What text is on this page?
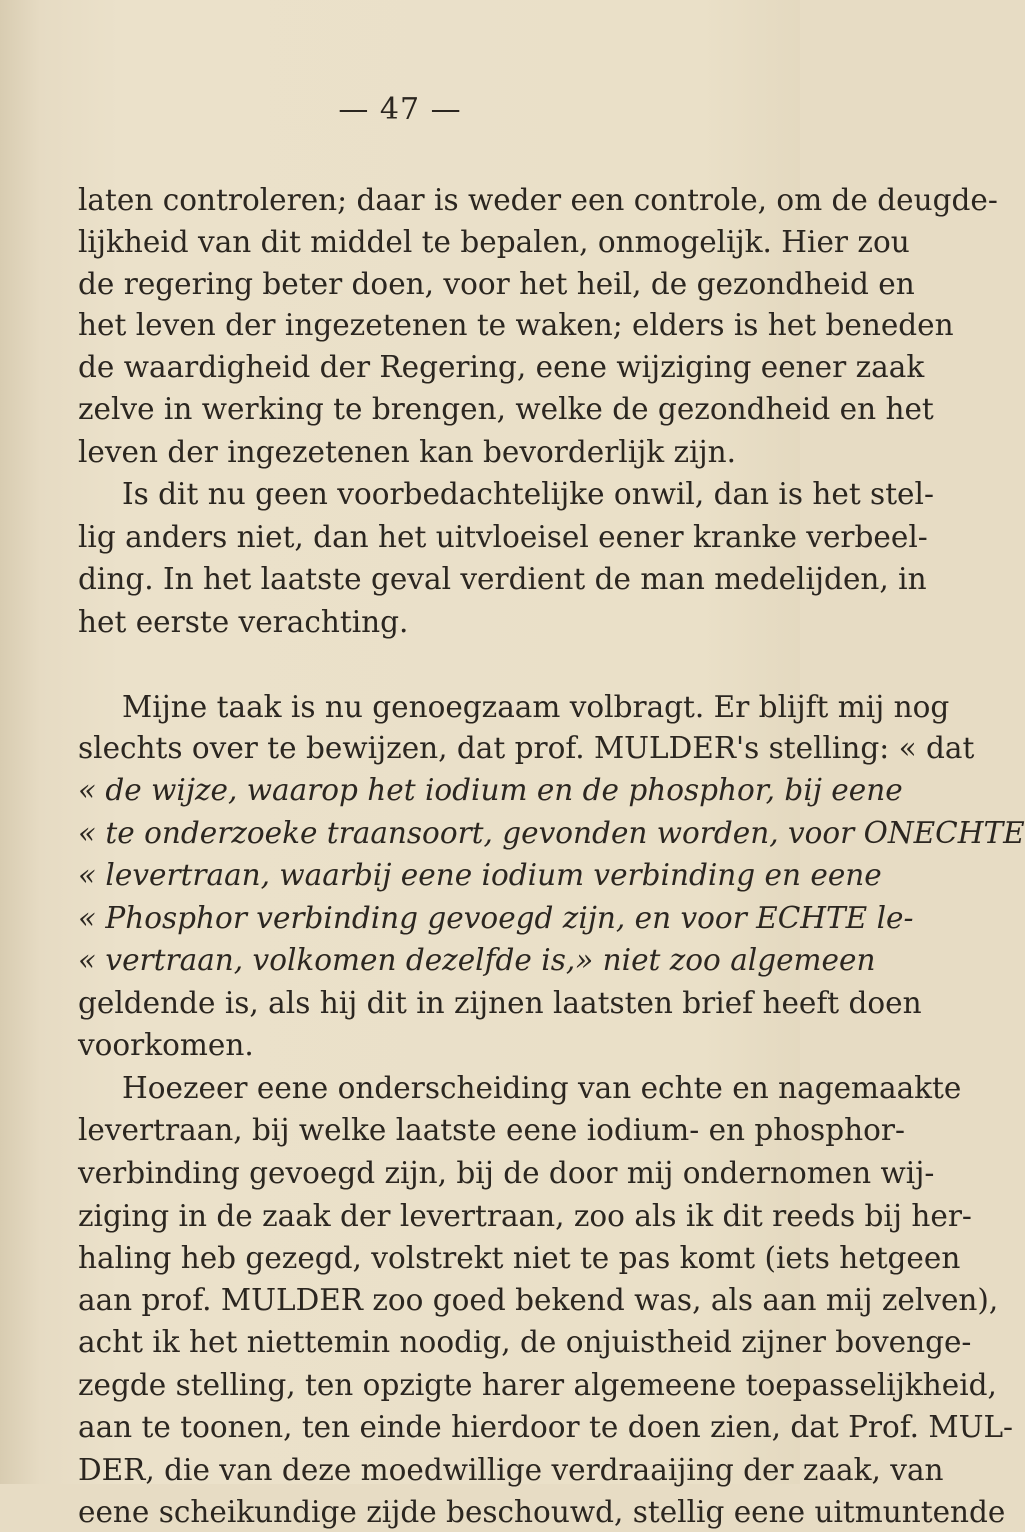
— 47 —
laten controleren; daar is weder een controle, om de deugde-
lijkheid van dit middel te bepalen, onmogelijk. Hier zou
de regering beter doen, voor het heil, de gezondheid en
het leven der ingezetenen te waken; elders is het beneden
de waardigheid der Regering, eene wijziging eener zaak
zelve in werking te brengen, welke de gezondheid en het
leven der ingezetenen kan bevorderlijk zijn.
Is dit nu geen voorbedachtelijke onwil, dan is het stel-
lig anders niet, dan het uitvloeisel eener kranke verbeel-
ding. In het laatste geval verdient de man medelijden, in
het eerste verachting.
Mijne taak is nu genoegzaam volbragt. Er blijft mij nog
slechts over te bewijzen, dat prof. MULDER's stelling: « dat
« de wijze, waarop het iodium en de phosphor, bij eene
« te onderzoeke traansoort, gevonden worden, voor ONECHTE
« levertraan, waarbij eene iodium verbinding en eene
« Phosphor verbinding gevoegd zijn, en voor ECHTE le-
« vertraan, volkomen dezelfde is,» niet zoo algemeen
geldende is, als hij dit in zijnen laatsten brief heeft doen
voorkomen.
Hoezeer eene onderscheiding van echte en nagemaakte
levertraan, bij welke laatste eene iodium- en phosphor-
verbinding gevoegd zijn, bij de door mij ondernomen wij-
ziging in de zaak der levertraan, zoo als ik dit reeds bij her-
haling heb gezegd, volstrekt niet te pas komt (iets hetgeen
aan prof. MULDER zoo goed bekend was, als aan mij zelven),
acht ik het niettemin noodig, de onjuistheid zijner bovenge-
zegde stelling, ten opzigte harer algemeene toepasselijkheid,
aan te toonen, ten einde hierdoor te doen zien, dat Prof. MUL-
DER, die van deze moedwillige verdraaijing der zaak, van
eene scheikundige zijde beschouwd, stellig eene uitmuntende
